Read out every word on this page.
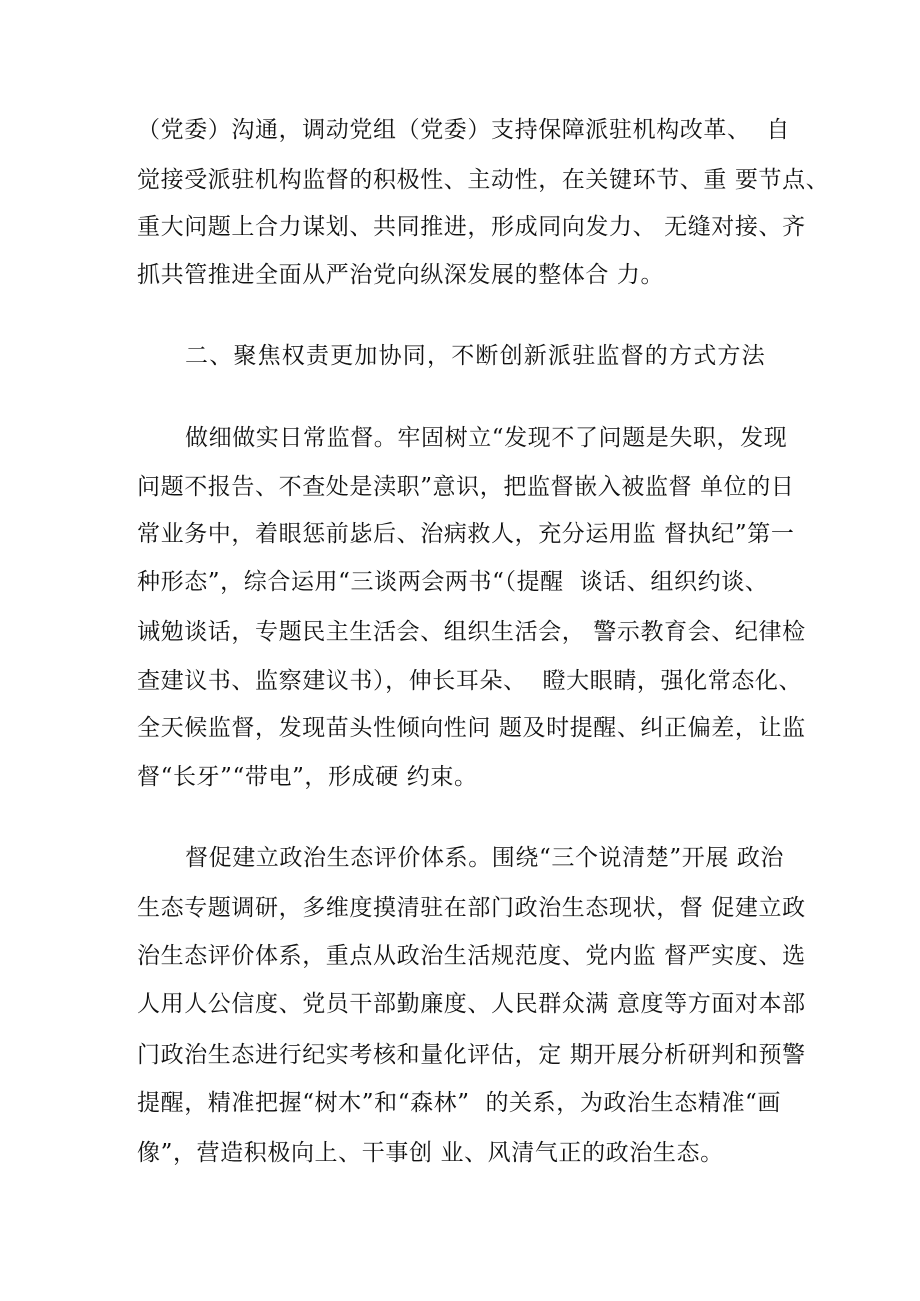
（党委）沟通，调动党组（党委）支持保障派驻机构改革、  自
觉接受派驻机构监督的积极性、主动性，在关键环节、重 要节点、
重大问题上合力谋划、共同推进，形成同向发力、 无缝对接、齐
抓共管推进全面从严治党向纵深发展的整体合 力。
二、聚焦权责更加协同，不断创新派驻监督的方式方法
做细做实日常监督。牢固树立“发现不了问题是失职，发现
问题不报告、不查处是渎职”意识，把监督嵌入被监督 单位的日
常业务中，着眼惩前毖后、治病救人，充分运用监 督执纪”第一
种形态”，综合运用“三谈两会两书“（提醒  谈话、组织约谈、
诫勉谈话，专题民主生活会、组织生活会， 警示教育会、纪律检
查建议书、监察建议书），伸长耳朵、  瞪大眼睛，强化常态化、
全天候监督，发现苗头性倾向性问 题及时提醒、纠正偏差，让监
督“长牙”“带电”，形成硬 约束。
督促建立政治生态评价体系。围绕“三个说清楚”开展 政治
生态专题调研，多维度摸清驻在部门政治生态现状，督 促建立政
治生态评价体系，重点从政治生活规范度、党内监 督严实度、选
人用人公信度、党员干部勤廉度、人民群众满 意度等方面对本部
门政治生态进行纪实考核和量化评估，定 期开展分析研判和预警
提醒，精准把握“树木”和“森林”  的关系，为政治生态精准“画
像”，营造积极向上、干事创 业、风清气正的政治生态。
